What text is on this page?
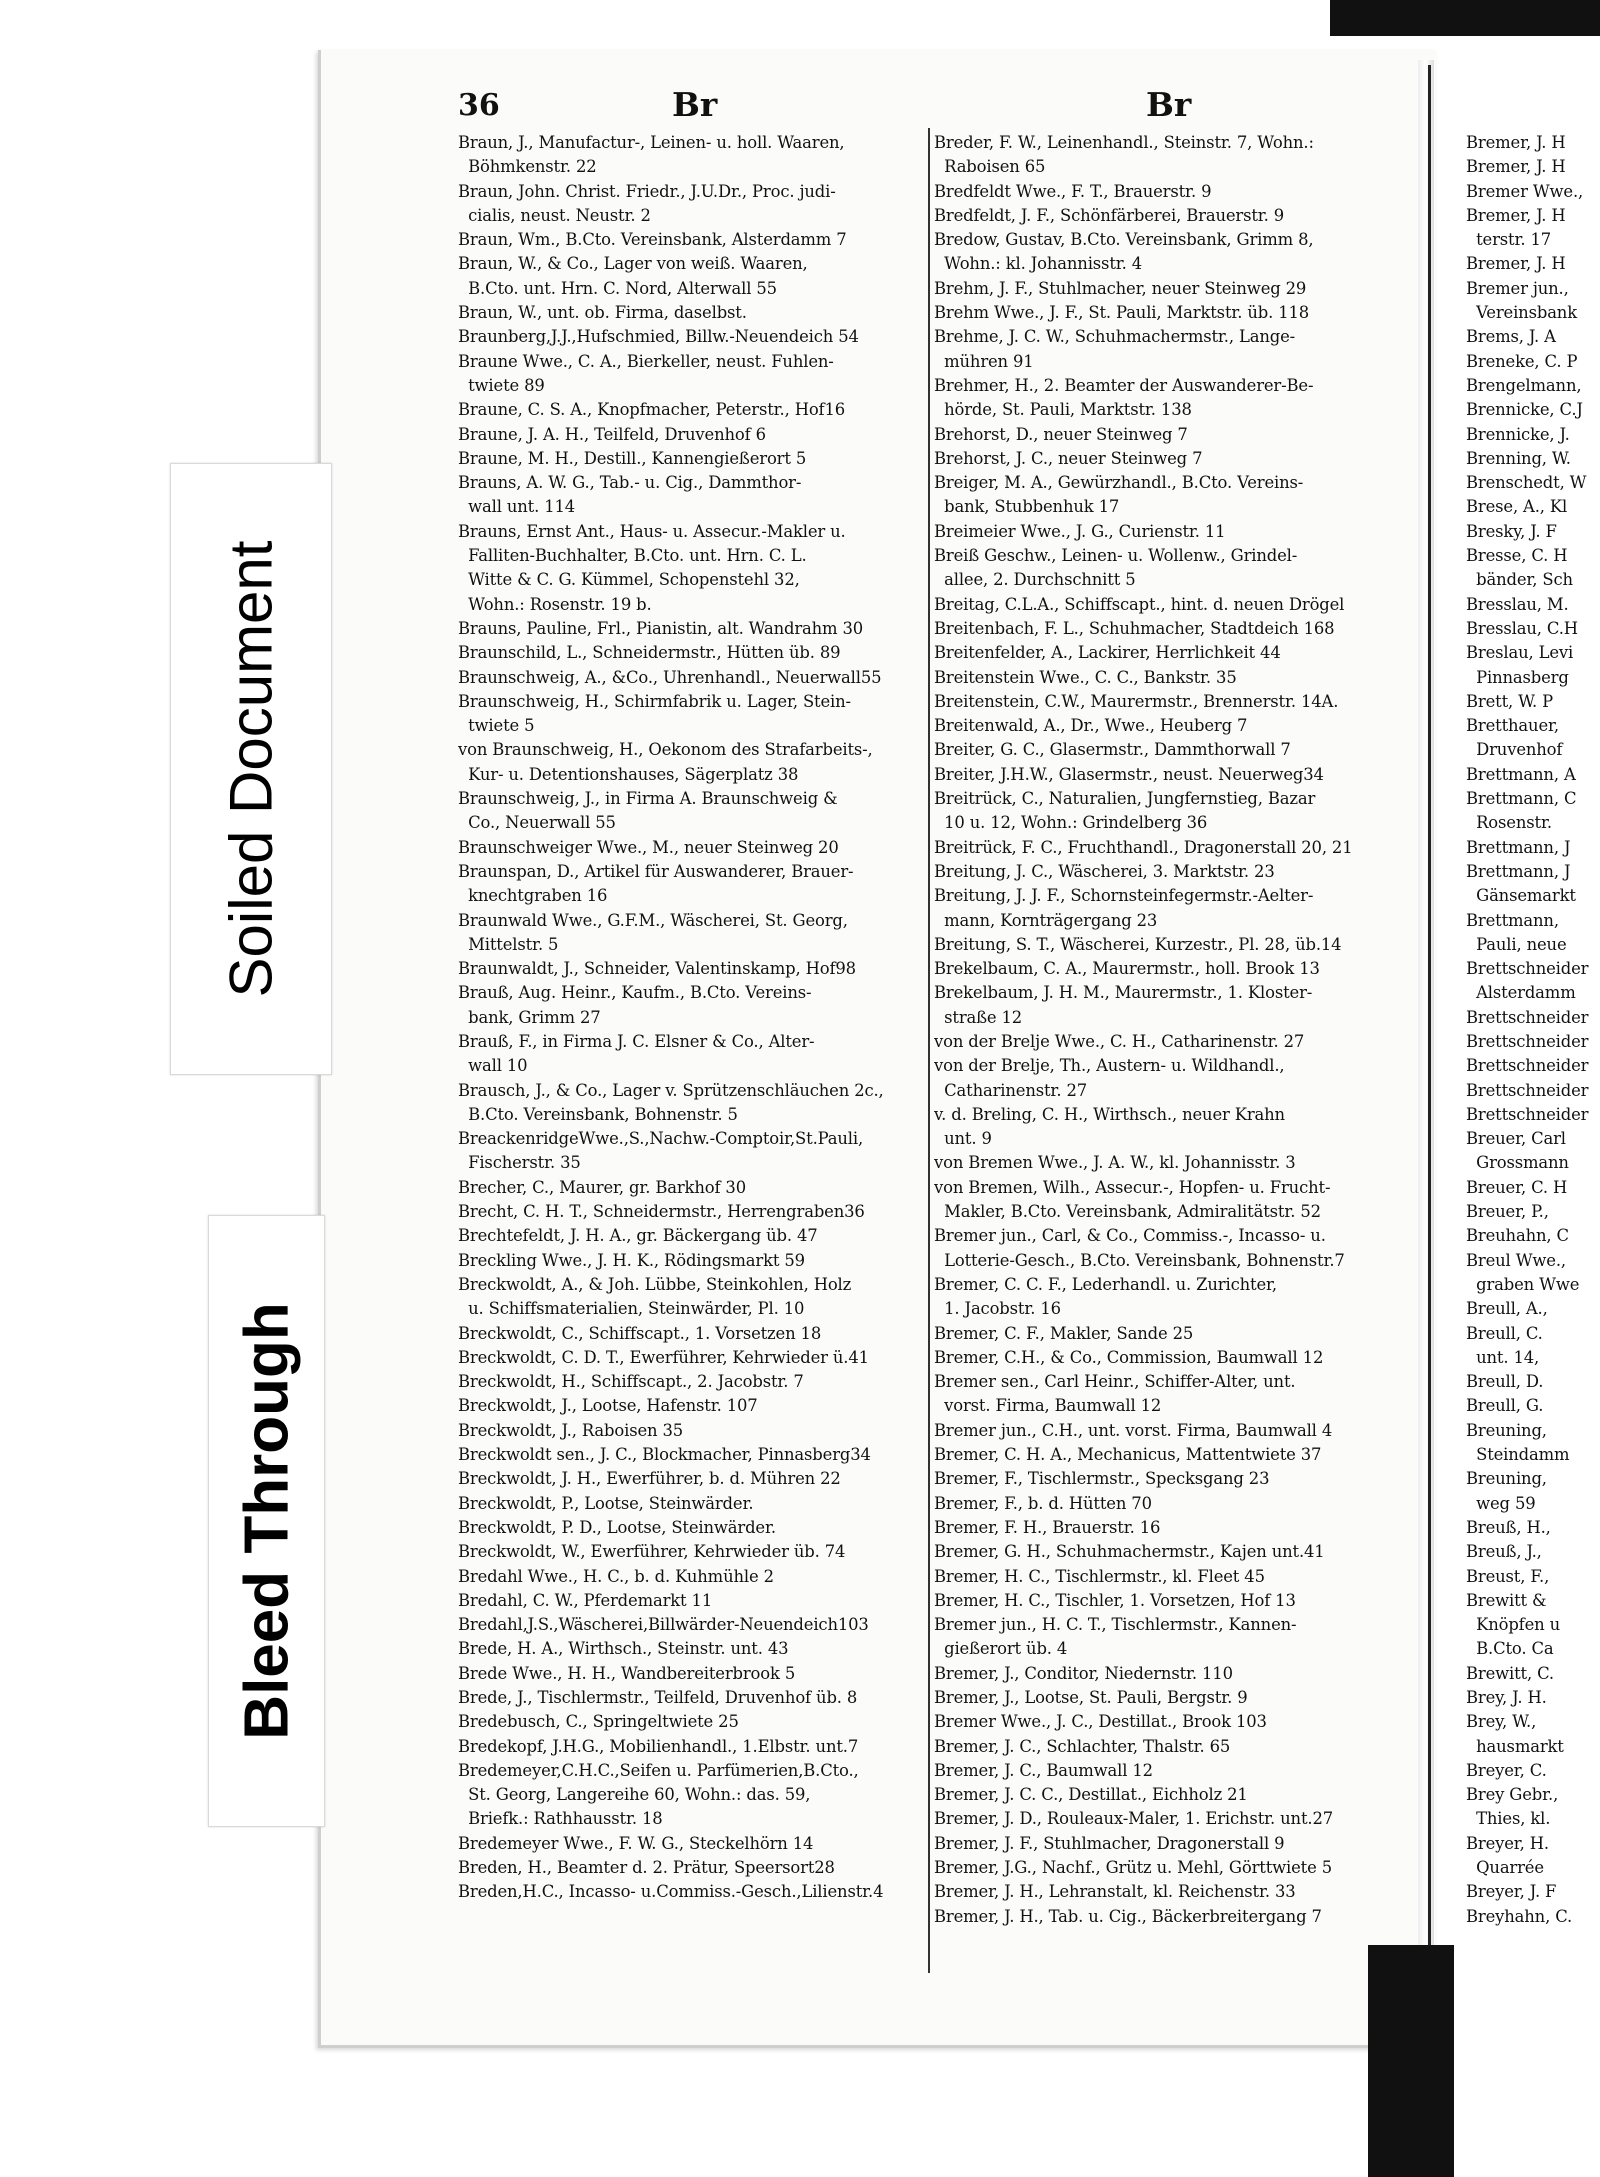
Soiled Document
Bleed Through
36	Br	Br
Braun, J., Manufactur-, Leinen- u. holl. Waaren,
Böhmkenstr. 22
Braun, John. Christ. Friedr., J.U.Dr., Proc. judi-
cialis, neust. Neustr. 2
Braun, Wm., B.Cto. Vereinsbank, Alsterdamm 7
Braun, W., & Co., Lager von weiß. Waaren,
B.Cto. unt. Hrn. C. Nord, Alterwall 55
Braun, W., unt. ob. Firma, daselbst.
Braunberg,J.J.,Hufschmied, Billw.-Neuendeich 54
Braune Wwe., C. A., Bierkeller, neust. Fuhlen-
twiete 89
Braune, C. S. A., Knopfmacher, Peterstr., Hof16
Braune, J. A. H., Teilfeld, Druvenhof 6
Braune, M. H., Destill., Kannengießerort 5
Brauns, A. W. G., Tab.- u. Cig., Dammthor-
wall unt. 114
Brauns, Ernst Ant., Haus- u. Assecur.-Makler u.
Falliten-Buchhalter, B.Cto. unt. Hrn. C. L.
Witte & C. G. Kümmel, Schopenstehl 32,
Wohn.: Rosenstr. 19 b.
Brauns, Pauline, Frl., Pianistin, alt. Wandrahm 30
Braunschild, L., Schneidermstr., Hütten üb. 89
Braunschweig, A., &Co., Uhrenhandl., Neuerwall55
Braunschweig, H., Schirmfabrik u. Lager, Stein-
twiete 5
von Braunschweig, H., Oekonom des Strafarbeits-,
Kur- u. Detentionshauses, Sägerplatz 38
Braunschweig, J., in Firma A. Braunschweig &
Co., Neuerwall 55
Braunschweiger Wwe., M., neuer Steinweg 20
Braunspan, D., Artikel für Auswanderer, Brauer-
knechtgraben 16
Braunwald Wwe., G.F.M., Wäscherei, St. Georg,
Mittelstr. 5
Braunwaldt, J., Schneider, Valentinskamp, Hof98
Brauß, Aug. Heinr., Kaufm., B.Cto. Vereins-
bank, Grimm 27
Brauß, F., in Firma J. C. Elsner & Co., Alter-
wall 10
Brausch, J., & Co., Lager v. Sprützenschläuchen 2c.,
B.Cto. Vereinsbank, Bohnenstr. 5
BreackenridgeWwe.,S.,Nachw.-Comptoir,St.Pauli,
Fischerstr. 35
Brecher, C., Maurer, gr. Barkhof 30
Brecht, C. H. T., Schneidermstr., Herrengraben36
Brechtefeldt, J. H. A., gr. Bäckergang üb. 47
Breckling Wwe., J. H. K., Rödingsmarkt 59
Breckwoldt, A., & Joh. Lübbe, Steinkohlen, Holz
u. Schiffsmaterialien, Steinwärder, Pl. 10
Breckwoldt, C., Schiffscapt., 1. Vorsetzen 18
Breckwoldt, C. D. T., Ewerführer, Kehrwieder ü.41
Breckwoldt, H., Schiffscapt., 2. Jacobstr. 7
Breckwoldt, J., Lootse, Hafenstr. 107
Breckwoldt, J., Raboisen 35
Breckwoldt sen., J. C., Blockmacher, Pinnasberg34
Breckwoldt, J. H., Ewerführer, b. d. Mühren 22
Breckwoldt, P., Lootse, Steinwärder.
Breckwoldt, P. D., Lootse, Steinwärder.
Breckwoldt, W., Ewerführer, Kehrwieder üb. 74
Bredahl Wwe., H. C., b. d. Kuhmühle 2
Bredahl, C. W., Pferdemarkt 11
Bredahl,J.S.,Wäscherei,Billwärder-Neuendeich103
Brede, H. A., Wirthsch., Steinstr. unt. 43
Brede Wwe., H. H., Wandbereiterbrook 5
Brede, J., Tischlermstr., Teilfeld, Druvenhof üb. 8
Bredebusch, C., Springeltwiete 25
Bredekopf, J.H.G., Mobilienhandl., 1.Elbstr. unt.7
Bredemeyer,C.H.C.,Seifen u. Parfümerien,B.Cto.,
St. Georg, Langereihe 60, Wohn.: das. 59,
Briefk.: Rathhausstr. 18
Bredemeyer Wwe., F. W. G., Steckelhörn 14
Breden, H., Beamter d. 2. Prätur, Speersort28
Breden,H.C., Incasso- u.Commiss.-Gesch.,Lilienstr.4
Breder, F. W., Leinenhandl., Steinstr. 7, Wohn.:
Raboisen 65
Bredfeldt Wwe., F. T., Brauerstr. 9
Bredfeldt, J. F., Schönfärberei, Brauerstr. 9
Bredow, Gustav, B.Cto. Vereinsbank, Grimm 8,
Wohn.: kl. Johannisstr. 4
Brehm, J. F., Stuhlmacher, neuer Steinweg 29
Brehm Wwe., J. F., St. Pauli, Marktstr. üb. 118
Brehme, J. C. W., Schuhmachermstr., Lange-
mühren 91
Brehmer, H., 2. Beamter der Auswanderer-Be-
hörde, St. Pauli, Marktstr. 138
Brehorst, D., neuer Steinweg 7
Brehorst, J. C., neuer Steinweg 7
Breiger, M. A., Gewürzhandl., B.Cto. Vereins-
bank, Stubbenhuk 17
Breimeier Wwe., J. G., Curienstr. 11
Breiß Geschw., Leinen- u. Wollenw., Grindel-
allee, 2. Durchschnitt 5
Breitag, C.L.A., Schiffscapt., hint. d. neuen Drögel
Breitenbach, F. L., Schuhmacher, Stadtdeich 168
Breitenfelder, A., Lackirer, Herrlichkeit 44
Breitenstein Wwe., C. C., Bankstr. 35
Breitenstein, C.W., Maurermstr., Brennerstr. 14A.
Breitenwald, A., Dr., Wwe., Heuberg 7
Breiter, G. C., Glasermstr., Dammthorwall 7
Breiter, J.H.W., Glasermstr., neust. Neuerweg34
Breitrück, C., Naturalien, Jungfernstieg, Bazar
10 u. 12, Wohn.: Grindelberg 36
Breitrück, F. C., Fruchthandl., Dragonerstall 20, 21
Breitung, J. C., Wäscherei, 3. Marktstr. 23
Breitung, J. J. F., Schornsteinfegermstr.-Aelter-
mann, Kornträgergang 23
Breitung, S. T., Wäscherei, Kurzestr., Pl. 28, üb.14
Brekelbaum, C. A., Maurermstr., holl. Brook 13
Brekelbaum, J. H. M., Maurermstr., 1. Kloster-
straße 12
von der Brelje Wwe., C. H., Catharinenstr. 27
von der Brelje, Th., Austern- u. Wildhandl.,
Catharinenstr. 27
v. d. Breling, C. H., Wirthsch., neuer Krahn
unt. 9
von Bremen Wwe., J. A. W., kl. Johannisstr. 3
von Bremen, Wilh., Assecur.-, Hopfen- u. Frucht-
Makler, B.Cto. Vereinsbank, Admiralitätstr. 52
Bremer jun., Carl, & Co., Commiss.-, Incasso- u.
Lotterie-Gesch., B.Cto. Vereinsbank, Bohnenstr.7
Bremer, C. C. F., Lederhandl. u. Zurichter,
1. Jacobstr. 16
Bremer, C. F., Makler, Sande 25
Bremer, C.H., & Co., Commission, Baumwall 12
Bremer sen., Carl Heinr., Schiffer-Alter, unt.
vorst. Firma, Baumwall 12
Bremer jun., C.H., unt. vorst. Firma, Baumwall 4
Bremer, C. H. A., Mechanicus, Mattentwiete 37
Bremer, F., Tischlermstr., Specksgang 23
Bremer, F., b. d. Hütten 70
Bremer, F. H., Brauerstr. 16
Bremer, G. H., Schuhmachermstr., Kajen unt.41
Bremer, H. C., Tischlermstr., kl. Fleet 45
Bremer, H. C., Tischler, 1. Vorsetzen, Hof 13
Bremer jun., H. C. T., Tischlermstr., Kannen-
gießerort üb. 4
Bremer, J., Conditor, Niedernstr. 110
Bremer, J., Lootse, St. Pauli, Bergstr. 9
Bremer Wwe., J. C., Destillat., Brook 103
Bremer, J. C., Schlachter, Thalstr. 65
Bremer, J. C., Baumwall 12
Bremer, J. C. C., Destillat., Eichholz 21
Bremer, J. D., Rouleaux-Maler, 1. Erichstr. unt.27
Bremer, J. F., Stuhlmacher, Dragonerstall 9
Bremer, J.G., Nachf., Grütz u. Mehl, Görttwiete 5
Bremer, J. H., Lehranstalt, kl. Reichenstr. 33
Bremer, J. H., Tab. u. Cig., Bäckerbreitergang 7
Bremer, J. H
Bremer, J. H
Bremer Wwe.,
Bremer, J. H
terstr. 17
Bremer, J. H
Bremer jun.,
Vereinsbank
Brems, J. A
Breneke, C. P
Brengelmann,
Brennicke, C.J
Brennicke, J.
Brenning, W.
Brenschedt, W
Brese, A., Kl
Bresky, J. F
Bresse, C. H
bänder, Sch
Bresslau, M.
Bresslau, C.H
Breslau, Levi
Pinnasberg
Brett, W. P
Bretthauer,
Druvenhof
Brettmann, A
Brettmann, C
Rosenstr.
Brettmann, J
Brettmann, J
Gänsemarkt
Brettmann,
Pauli, neue
Brettschneider
Alsterdamm
Brettschneider
Brettschneider
Brettschneider
Brettschneider
Brettschneider
Breuer, Carl
Grossmann
Breuer, C. H
Breuer, P.,
Breuhahn, C
Breul Wwe.,
graben Wwe
Breull, A.,
Breull, C.
unt. 14,
Breull, D.
Breull, G.
Breuning,
Steindamm
Breuning,
weg 59
Breuß, H.,
Breuß, J.,
Breust, F.,
Brewitt &
Knöpfen u
B.Cto. Ca
Brewitt, C.
Brey, J. H.
Brey, W.,
hausmarkt
Breyer, C.
Brey Gebr.,
Thies, kl.
Breyer, H.
Quarrée
Breyer, J. F
Breyhahn, C.
